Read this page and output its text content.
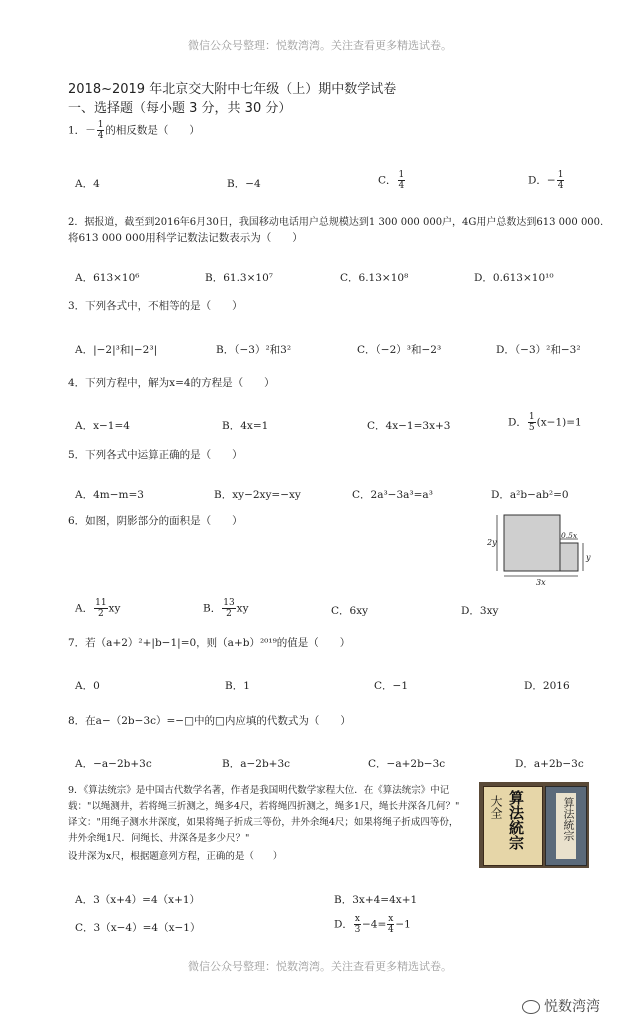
微信公众号整理：悦数湾湾。关注查看更多精选试卷。
2018~2019 年北京交大附中七年级（上）期中数学试卷
一、选择题（每小题 3 分，共 30 分）
1．－ $\frac{1}{4}$ 的相反数是（　　）
A．4	B．−4	C． $\frac{1}{4}$	D．− $\frac{1}{4}$
2．据报道，截至到2016年6月30日，我国移动电话用户总规模达到1 300 000 000户，4G用户总数达到613 000 000.
将613 000 000用科学记数法记数表示为（　　）
A．613×10⁶	B．61.3×10⁷	C．6.13×10⁸	D．0.613×10¹⁰
3．下列各式中，不相等的是（　　）
A．|−2|³和|−2³|	B．（−3）²和3²	C．（−2）³和−2³	D．（−3）²和−3²
4．下列方程中，解为x=4的方程是（　　）
A．x−1=4	B．4x=1	C．4x−1=3x+3	D． $\frac{1}{5} (x-1)=1$
5．下列各式中运算正确的是（　　）
A．4m−m=3	B．xy−2xy=−xy	C．2a³−3a³=a³	D．a²b−ab²=0
6．如图，阴影部分的面积是（　　）
2y
0.5x
y
3x
A． $\frac{11}{2}$ xy	B． $\frac{13}{2}$ xy	C．6xy	D．3xy
7．若（a+2）²+|b−1|=0，则（a+b）²⁰¹⁹的值是（　　）
A．0	B．1	C．−1	D．2016
8．在a−（2b−3c）=−□中的□内应填的代数式为（　　）
A．−a−2b+3c	B．a−2b+3c	C．−a+2b−3c	D．a+2b−3c
9．《算法统宗》是中国古代数学名著，作者是我国明代数学家程大位．在《算法统宗》中记
载："以绳测井，若将绳三折测之，绳多4尺，若将绳四折测之，绳多1尺，绳长井深各几何？"
译文："用绳子测水井深度，如果将绳子折成三等份，井外余绳4尺；如果将绳子折成四等份，
井外余绳1尺．问绳长、井深各是多少尺？"
设井深为x尺，根据题意列方程，正确的是（　　）
大全 算法統宗	算法統宗
A．3（x+4）=4（x+1）	B．3x+4=4x+1
C．3（x−4）=4（x−1）	D． $\frac{x}{3} -4= \frac{x}{4} -1$
微信公众号整理：悦数湾湾。关注查看更多精选试卷。
悦数湾湾
